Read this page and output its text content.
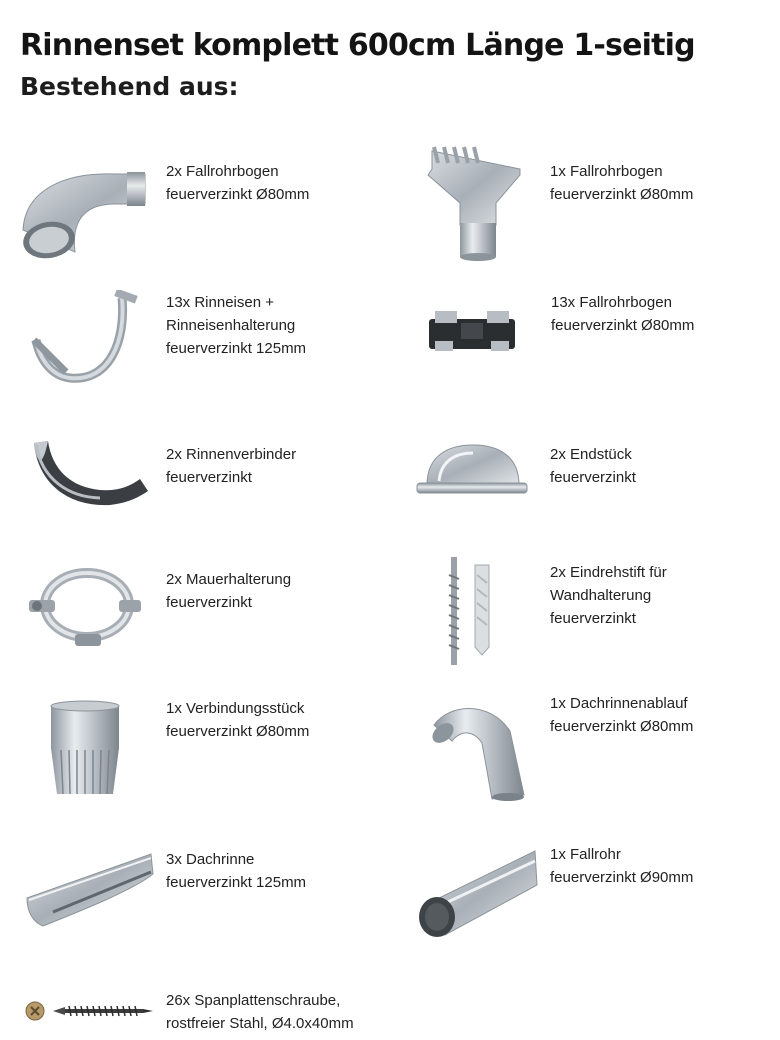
Rinnenset komplett 600cm Länge 1-seitig
Bestehend aus:
2x Fallrohrbogen
feuerverzinkt Ø80mm
1x Fallrohrbogen
feuerverzinkt Ø80mm
13x Rinneisen +
Rinneisenhalterung
feuerverzinkt 125mm
13x Fallrohrbogen
feuerverzinkt Ø80mm
2x Rinnenverbinder
feuerverzinkt
2x Endstück
feuerverzinkt
2x Mauerhalterung
feuerverzinkt
2x Eindrehstift für
Wandhalterung
feuerverzinkt
1x Verbindungsstück
feuerverzinkt Ø80mm
1x Dachrinnenablauf
feuerverzinkt Ø80mm
3x Dachrinne
feuerverzinkt 125mm
1x Fallrohr
feuerverzinkt Ø90mm
26x Spanplattenschraube,
rostfreier Stahl, Ø4.0x40mm
